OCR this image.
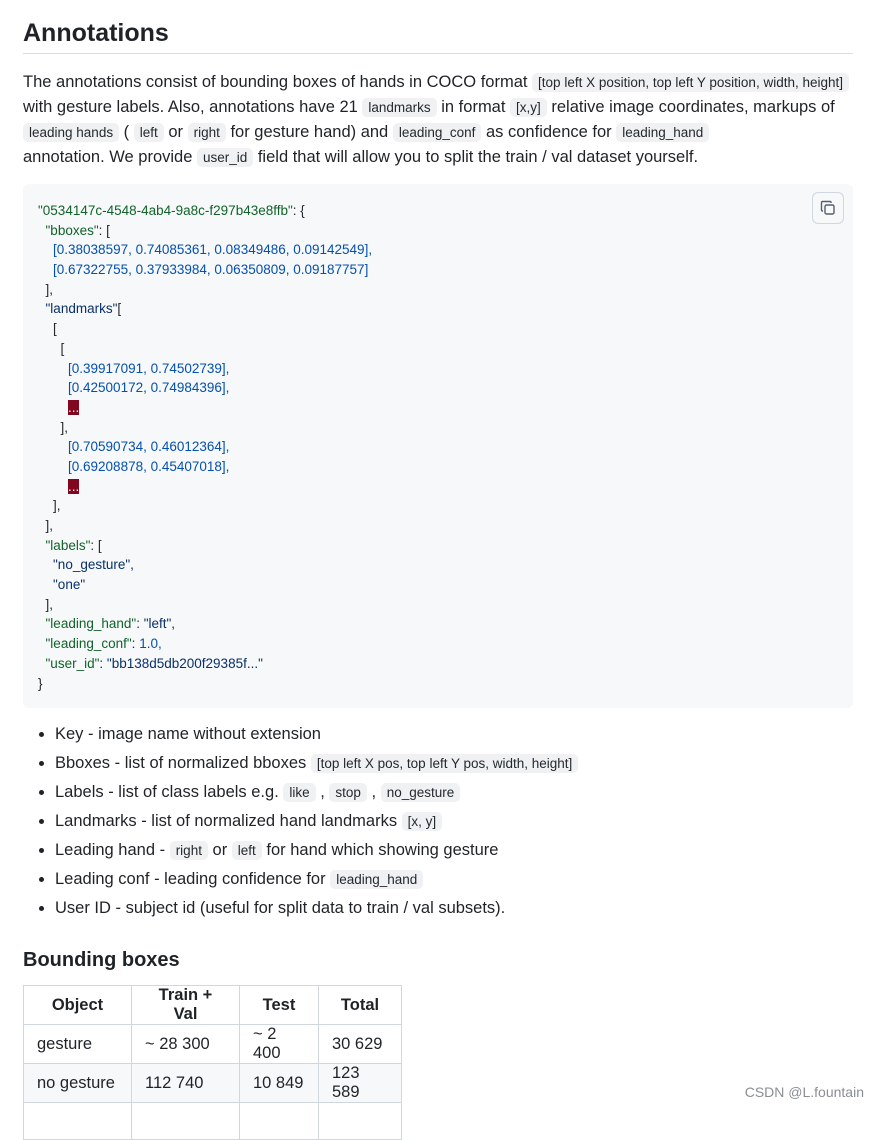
Annotations

The annotations consist of bounding boxes of hands in COCO format [top left X position, top left Y position, width, height] with gesture labels. Also, annotations have 21 landmarks in format [x,y] relative image coordinates, markups of leading hands ( left or right for gesture hand) and leading_conf as confidence for leading_hand
annotation. We provide user_id field that will allow you to split the train / val dataset yourself.

"0534147c-4548-4ab4-9a8c-f297b43e8ffb": {
"bboxes": [
[0.38038597, 0.74085361, 0.08349486, 0.09142549],
[0.67322755, 0.37933984, 0.06350809, 0.09187757]
],
"landmarks"[
[
[
[0.39917091, 0.74502739],
[0.42500172, 0.74984396],
...
],
[0.70590734, 0.46012364],
[0.69208878, 0.45407018],
...
],
],
"labels": [
"no_gesture",
"one"
],
"leading_hand": "left",
"leading_conf": 1.0,
"user_id": "bb138d5db200f29385f..."
}
• Key - image name without extension
• Bboxes - list of normalized bboxes [top left X pos, top left Y pos, width, height]
• Labels - list of class labels e.g. like , stop , no_gesture
• Landmarks - list of normalized hand landmarks [x, y]
• Leading hand - right or left for hand which showing gesture
• Leading conf - leading confidence for leading_hand
• User ID - subject id (useful for split data to train / val subsets).
Bounding boxes
Object	Train + Val	Test	Total
gesture	~ 28 300	~ 2 400	30 629
no gesture	112 740	10 849	123 589
				CSDN @L.fountain
